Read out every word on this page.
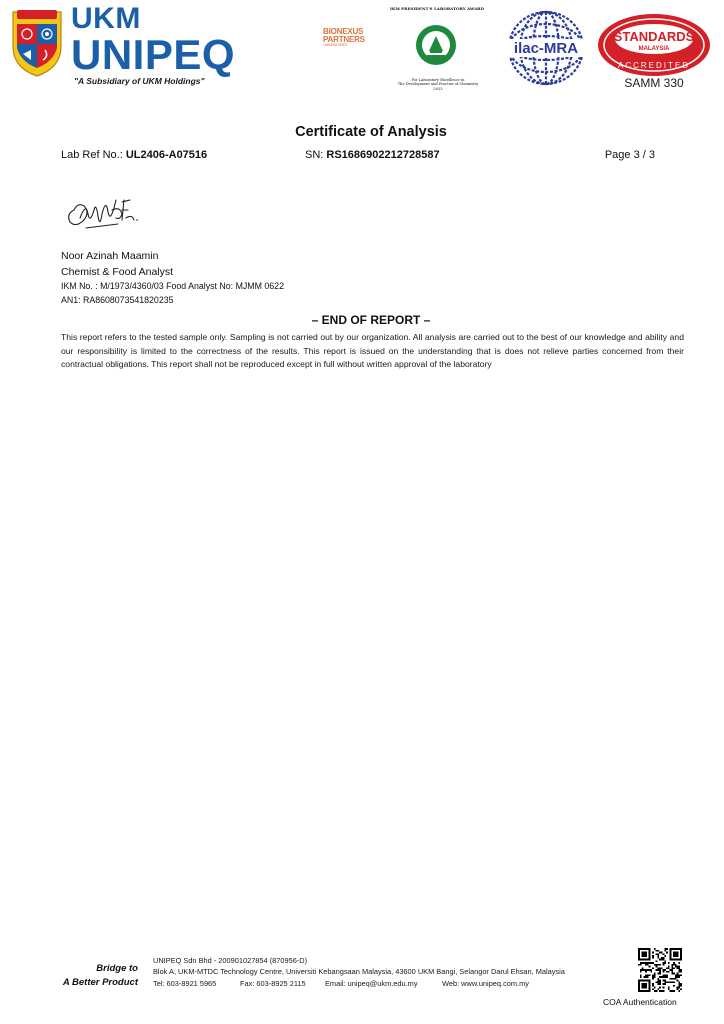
UKM
UNIPEQ
"A Subsidiary of UKM Holdings"
IKM PRESIDENT'S LABORATORY AWARD
BIONEXUS
PARTNERS
LABORATORIES
For Laboratory Excellence in
The Development and Practise of Chemistry
2023
ilac-MRA
STANDARDS
MALAYSIA
ACCREDITED
SAMM 330
Certificate of Analysis
Lab Ref No.: UL2406-A07516	SN: RS1686902212728587	Page 3 / 3
Noor Azinah Maamin
Chemist & Food Analyst
IKM No. : M/1973/4360/03 Food Analyst No: MJMM 0622
AN1: RA8608073541820235
– END OF REPORT –
This report refers to the tested sample only. Sampling is not carried out by our organization. All analysis are carried out to the best of our knowledge and ability and our responsibility is limited to the correctness of the results. This report is issued on the understanding that is does not relieve parties concerned from their contractual obligations. This report shall not be reproduced except in full without written approval of the laboratory
Bridge to
A Better Product
UNIPEQ Sdn Bhd - 200901027854 (870956-D)
Blok A, UKM-MTDC Technology Centre, Universiti Kebangsaan Malaysia, 43600 UKM Bangi, Selangor Darul Ehsan, Malaysia
Tel: 603-8921 5965	Fax: 603-8925 2115	Email: unipeq@ukm.edu.my	Web: www.unipeq.com.my
COA Authentication
